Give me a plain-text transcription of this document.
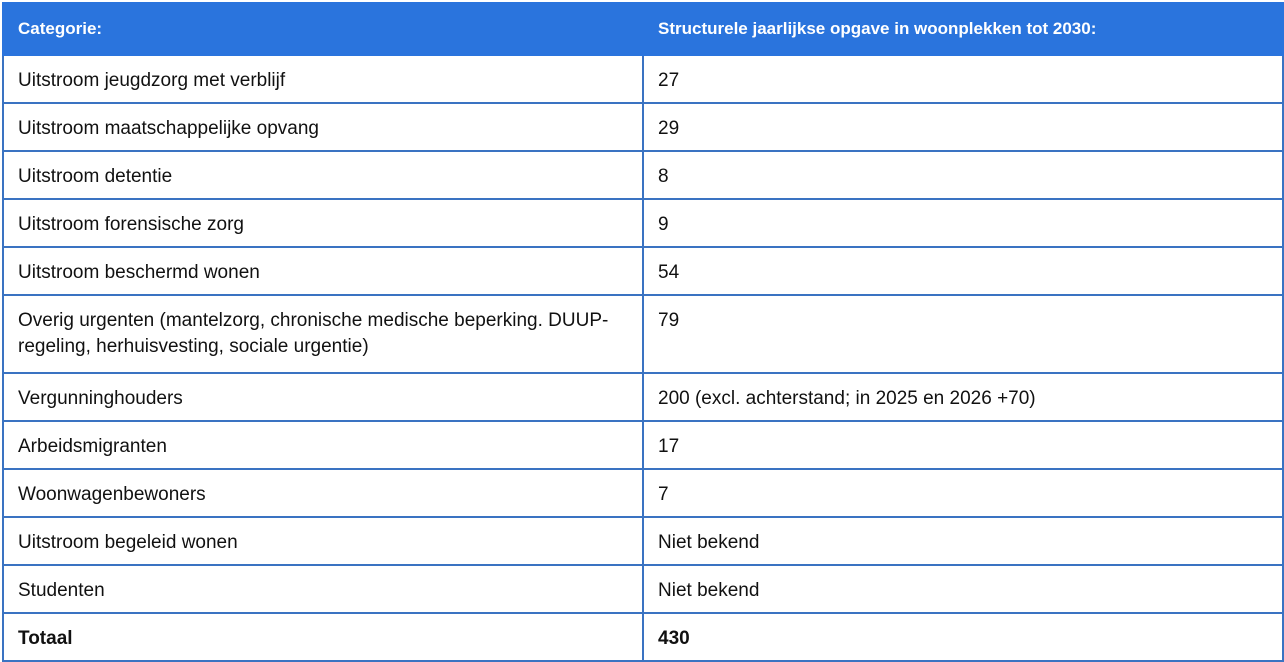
Categorie:	Structurele jaarlijkse opgave in woonplekken tot 2030:
Uitstroom jeugdzorg met verblijf	27
Uitstroom maatschappelijke opvang	29
Uitstroom detentie	8
Uitstroom forensische zorg	9
Uitstroom beschermd wonen	54
Overig urgenten (mantelzorg, chronische medische beperking. DUUP-regeling, herhuisvesting, sociale urgentie)	79
Vergunninghouders	200 (excl. achterstand; in 2025 en 2026 +70)
Arbeidsmigranten	17
Woonwagenbewoners	7
Uitstroom begeleid wonen	Niet bekend
Studenten	Niet bekend
Totaal	430
